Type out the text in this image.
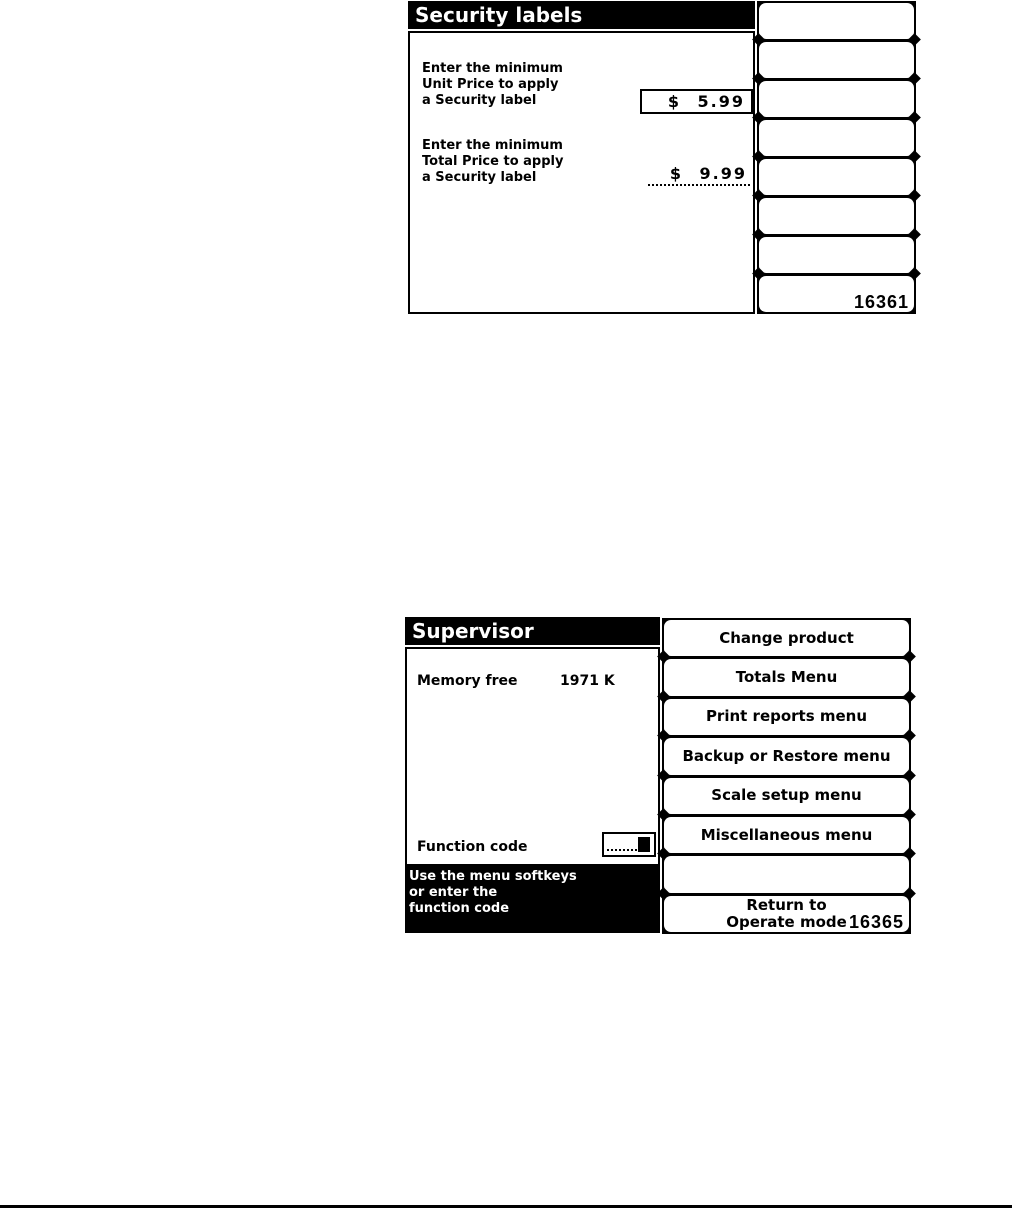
Security labels
Enter the minimum
Unit Price to apply
a Security label	$ 5.99
Enter the minimum
Total Price to apply
a Security label	$ 9.99
16361
Supervisor
Memory free	1971 K
Function code
Use the menu softkeys
or enter the
function code
Change product
Totals Menu
Print reports menu
Backup or Restore menu
Scale setup menu
Miscellaneous menu
Return to
Operate mode 16365
